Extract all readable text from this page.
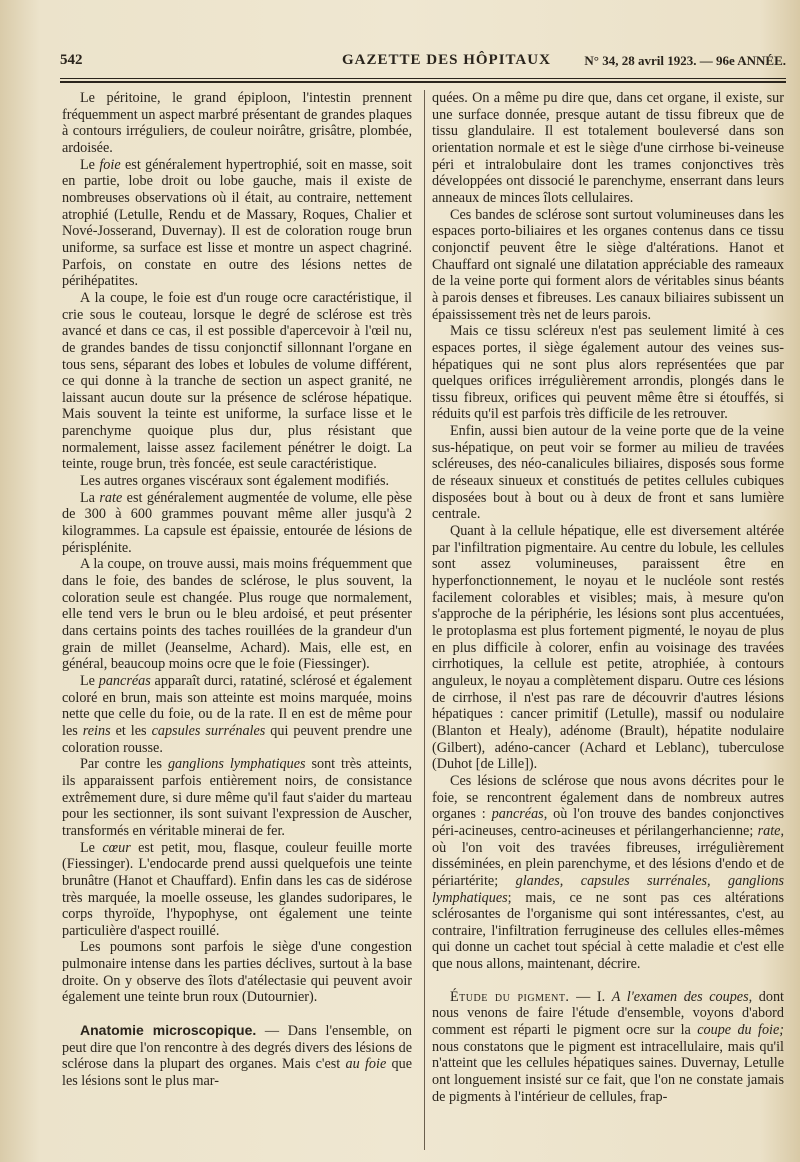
542	GAZETTE DES HÔPITAUX	N° 34, 28 avril 1923. — 96e ANNÉE.

Le péritoine, le grand épiploon, l'intestin prennent fréquemment un aspect marbré présentant de grandes plaques à contours irréguliers, de couleur noirâtre, grisâtre, plombée, ardoisée.

Le foie est généralement hypertrophié, soit en masse, soit en partie, lobe droit ou lobe gauche, mais il existe de nombreuses observations où il était, au contraire, nettement atrophié (Letulle, Rendu et de Massary, Roques, Chalier et Nové-Josserand, Duvernay). Il est de coloration rouge brun uniforme, sa surface est lisse et montre un aspect chagriné. Parfois, on constate en outre des lésions nettes de périhépatites.

A la coupe, le foie est d'un rouge ocre caractéristique, il crie sous le couteau, lorsque le degré de sclérose est très avancé et dans ce cas, il est possible d'apercevoir à l'œil nu, de grandes bandes de tissu conjonctif sillonnant l'organe en tous sens, séparant des lobes et lobules de volume différent, ce qui donne à la tranche de section un aspect granité, ne laissant aucun doute sur la présence de sclérose hépatique. Mais souvent la teinte est uniforme, la surface lisse et le parenchyme quoique plus dur, plus résistant que normalement, laisse assez facilement pénétrer le doigt. La teinte, rouge brun, très foncée, est seule caractéristique.

Les autres organes viscéraux sont également modifiés.

La rate est généralement augmentée de volume, elle pèse de 300 à 600 grammes pouvant même aller jusqu'à 2 kilogrammes. La capsule est épaissie, entourée de lésions de périsplénite.

A la coupe, on trouve aussi, mais moins fréquemment que dans le foie, des bandes de sclérose, le plus souvent, la coloration seule est changée. Plus rouge que normalement, elle tend vers le brun ou le bleu ardoisé, et peut présenter dans certains points des taches rouillées de la grandeur d'un grain de millet (Jeanselme, Achard). Mais, elle est, en général, beaucoup moins ocre que le foie (Fiessinger).

Le pancréas apparaît durci, ratatiné, sclérosé et également coloré en brun, mais son atteinte est moins marquée, moins nette que celle du foie, ou de la rate. Il en est de même pour les reins et les capsules surrénales qui peuvent prendre une coloration rousse.

Par contre les ganglions lymphatiques sont très atteints, ils apparaissent parfois entièrement noirs, de consistance extrêmement dure, si dure même qu'il faut s'aider du marteau pour les sectionner, ils sont suivant l'expression de Auscher, transformés en véritable minerai de fer.

Le cœur est petit, mou, flasque, couleur feuille morte (Fiessinger). L'endocarde prend aussi quelquefois une teinte brunâtre (Hanot et Chauffard). Enfin dans les cas de sidérose très marquée, la moelle osseuse, les glandes sudoripares, le corps thyroïde, l'hypophyse, ont également une teinte particulière d'aspect rouillé.

Les poumons sont parfois le siège d'une congestion pulmonaire intense dans les parties déclives, surtout à la base droite. On y observe des îlots d'atélectasie qui peuvent avoir également une teinte brun roux (Dutournier).

Anatomie microscopique. — Dans l'ensemble, on peut dire que l'on rencontre à des degrés divers des lésions de sclérose dans la plupart des organes. Mais c'est au foie que les lésions sont le plus mar-

quées. On a même pu dire que, dans cet organe, il existe, sur une surface donnée, presque autant de tissu fibreux que de tissu glandulaire. Il est totalement bouleversé dans son orientation normale et est le siège d'une cirrhose bi-veineuse péri et intralobulaire dont les trames conjonctives très développées ont dissocié le parenchyme, enserrant dans leurs anneaux de minces îlots cellulaires.

Ces bandes de sclérose sont surtout volumineuses dans les espaces porto-biliaires et les organes contenus dans ce tissu conjonctif peuvent être le siège d'altérations. Hanot et Chauffard ont signalé une dilatation appréciable des rameaux de la veine porte qui forment alors de véritables sinus béants à parois denses et fibreuses. Les canaux biliaires subissent un épaississement très net de leurs parois.

Mais ce tissu scléreux n'est pas seulement limité à ces espaces portes, il siège également autour des veines sus-hépatiques qui ne sont plus alors représentées que par quelques orifices irrégulièrement arrondis, plongés dans le tissu fibreux, orifices qui peuvent même être si étouffés, si réduits qu'il est parfois très difficile de les retrouver.

Enfin, aussi bien autour de la veine porte que de la veine sus-hépatique, on peut voir se former au milieu de travées scléreuses, des néo-canalicules biliaires, disposés sous forme de réseaux sinueux et constitués de petites cellules cubiques disposées bout à bout ou à deux de front et sans lumière centrale.

Quant à la cellule hépatique, elle est diversement altérée par l'infiltration pigmentaire. Au centre du lobule, les cellules sont assez volumineuses, paraissent être en hyperfonctionnement, le noyau et le nucléole sont restés facilement colorables et visibles; mais, à mesure qu'on s'approche de la périphérie, les lésions sont plus accentuées, le protoplasma est plus fortement pigmenté, le noyau de plus en plus difficile à colorer, enfin au voisinage des travées cirrhotiques, la cellule est petite, atrophiée, à contours anguleux, le noyau a complètement disparu. Outre ces lésions de cirrhose, il n'est pas rare de découvrir d'autres lésions hépatiques : cancer primitif (Letulle), massif ou nodulaire (Blanton et Healy), adénome (Brault), hépatite nodulaire (Gilbert), adéno-cancer (Achard et Leblanc), tuberculose (Duhot [de Lille]).

Ces lésions de sclérose que nous avons décrites pour le foie, se rencontrent également dans de nombreux autres organes : pancréas, où l'on trouve des bandes conjonctives péri-acineuses, centro-acineuses et périlangerhancienne; rate, où l'on voit des travées fibreuses, irrégulièrement disséminées, en plein parenchyme, et des lésions d'endo et de périartérite; glandes, capsules surrénales, ganglions lymphatiques; mais, ce ne sont pas ces altérations sclérosantes de l'organisme qui sont intéressantes, c'est, au contraire, l'infiltration ferrugineuse des cellules elles-mêmes qui donne un cachet tout spécial à cette maladie et c'est elle que nous allons, maintenant, décrire.

Étude du pigment. — I. A l'examen des coupes, dont nous venons de faire l'étude d'ensemble, voyons d'abord comment est réparti le pigment ocre sur la coupe du foie; nous constatons que le pigment est intracellulaire, mais qu'il n'atteint que les cellules hépatiques saines. Duvernay, Letulle ont longuement insisté sur ce fait, que l'on ne constate jamais de pigments à l'intérieur de cellules, frap-
